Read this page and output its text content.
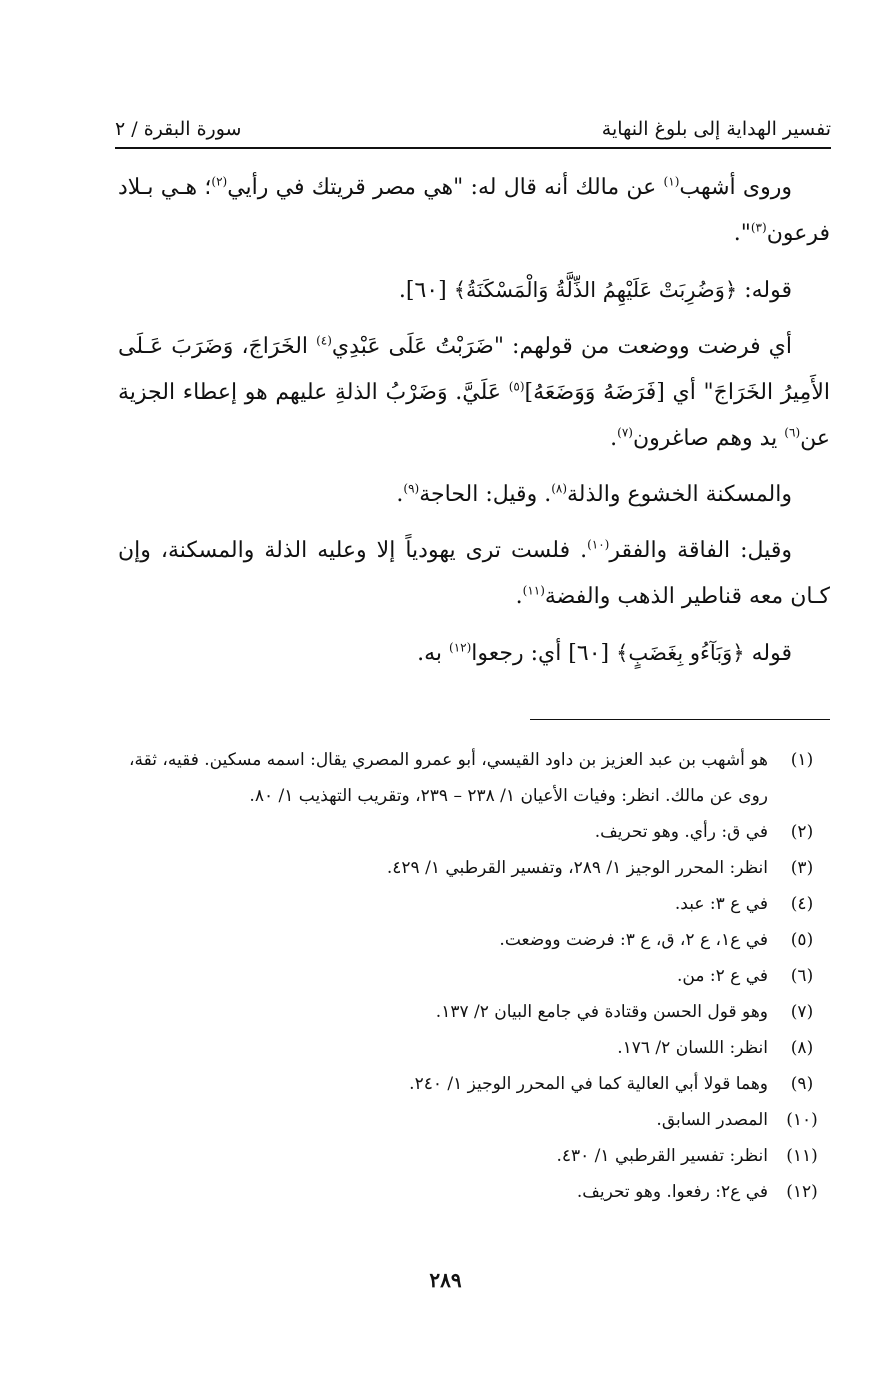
تفسير الهداية إلى بلوغ النهاية
سورة البقرة / ٢

وروى أشهب$^{(١)}$ عن مالك أنه قال له: "هي مصر قريتك في رأيي$^{(٢)}$؛ هـي بـلاد فرعون$^{(٣)}$".

قوله: ﴿وَضُرِبَتْ عَلَيْهِمُ الذِّلَّةُ وَالْمَسْكَنَةُ﴾ [٦٠].

أي فرضت ووضعت من قولهم: "ضَرَبْتُ عَلَى عَبْدِي$^{(٤)}$ الخَرَاجَ، وَضَرَبَ عَـلَى الأَمِيرُ الخَرَاجَ" أي [فَرَضَهُ وَوَضَعَهُ]$^{(٥)}$ عَلَيَّ. وَضَرْبُ الذلةِ عليهم هو إعطاء الجزية عن$^{(٦)}$ يد وهم صاغرون$^{(٧)}$.

والمسكنة الخشوع والذلة$^{(٨)}$. وقيل: الحاجة$^{(٩)}$.

وقيل: الفاقة والفقر$^{(١٠)}$. فلست ترى يهودياً إلا وعليه الذلة والمسكنة، وإن كـان معه قناطير الذهب والفضة$^{(١١)}$.

قوله ﴿وَبَآءُو بِغَضَبٍ﴾ [٦٠] أي: رجعوا$^{(١٢)}$ به.

(١)
هو أشهب بن عبد العزيز بن داود القيسي، أبو عمرو المصري يقال: اسمه مسكين. فقيه، ثقة، روى عن مالك. انظر: وفيات الأعيان ١/ ٢٣٨ – ٢٣٩، وتقريب التهذيب ١/ ٨٠.
(٢)
في ق: رأي. وهو تحريف.
(٣)
انظر: المحرر الوجيز ١/ ٢٨٩، وتفسير القرطبي ١/ ٤٢٩.
(٤)
في ع ٣: عبد.
(٥)
في ع١، ع ٢، ق، ع ٣: فرضت ووضعت.
(٦)
في ع ٢: من.
(٧)
وهو قول الحسن وقتادة في جامع البيان ٢/ ١٣٧.
(٨)
انظر: اللسان ٢/ ١٧٦.
(٩)
وهما قولا أبي العالية كما في المحرر الوجيز ١/ ٢٤٠.
(١٠)
المصدر السابق.
(١١)
انظر: تفسير القرطبي ١/ ٤٣٠.
(١٢)
في ع٢: رفعوا. وهو تحريف.
٢٨٩
